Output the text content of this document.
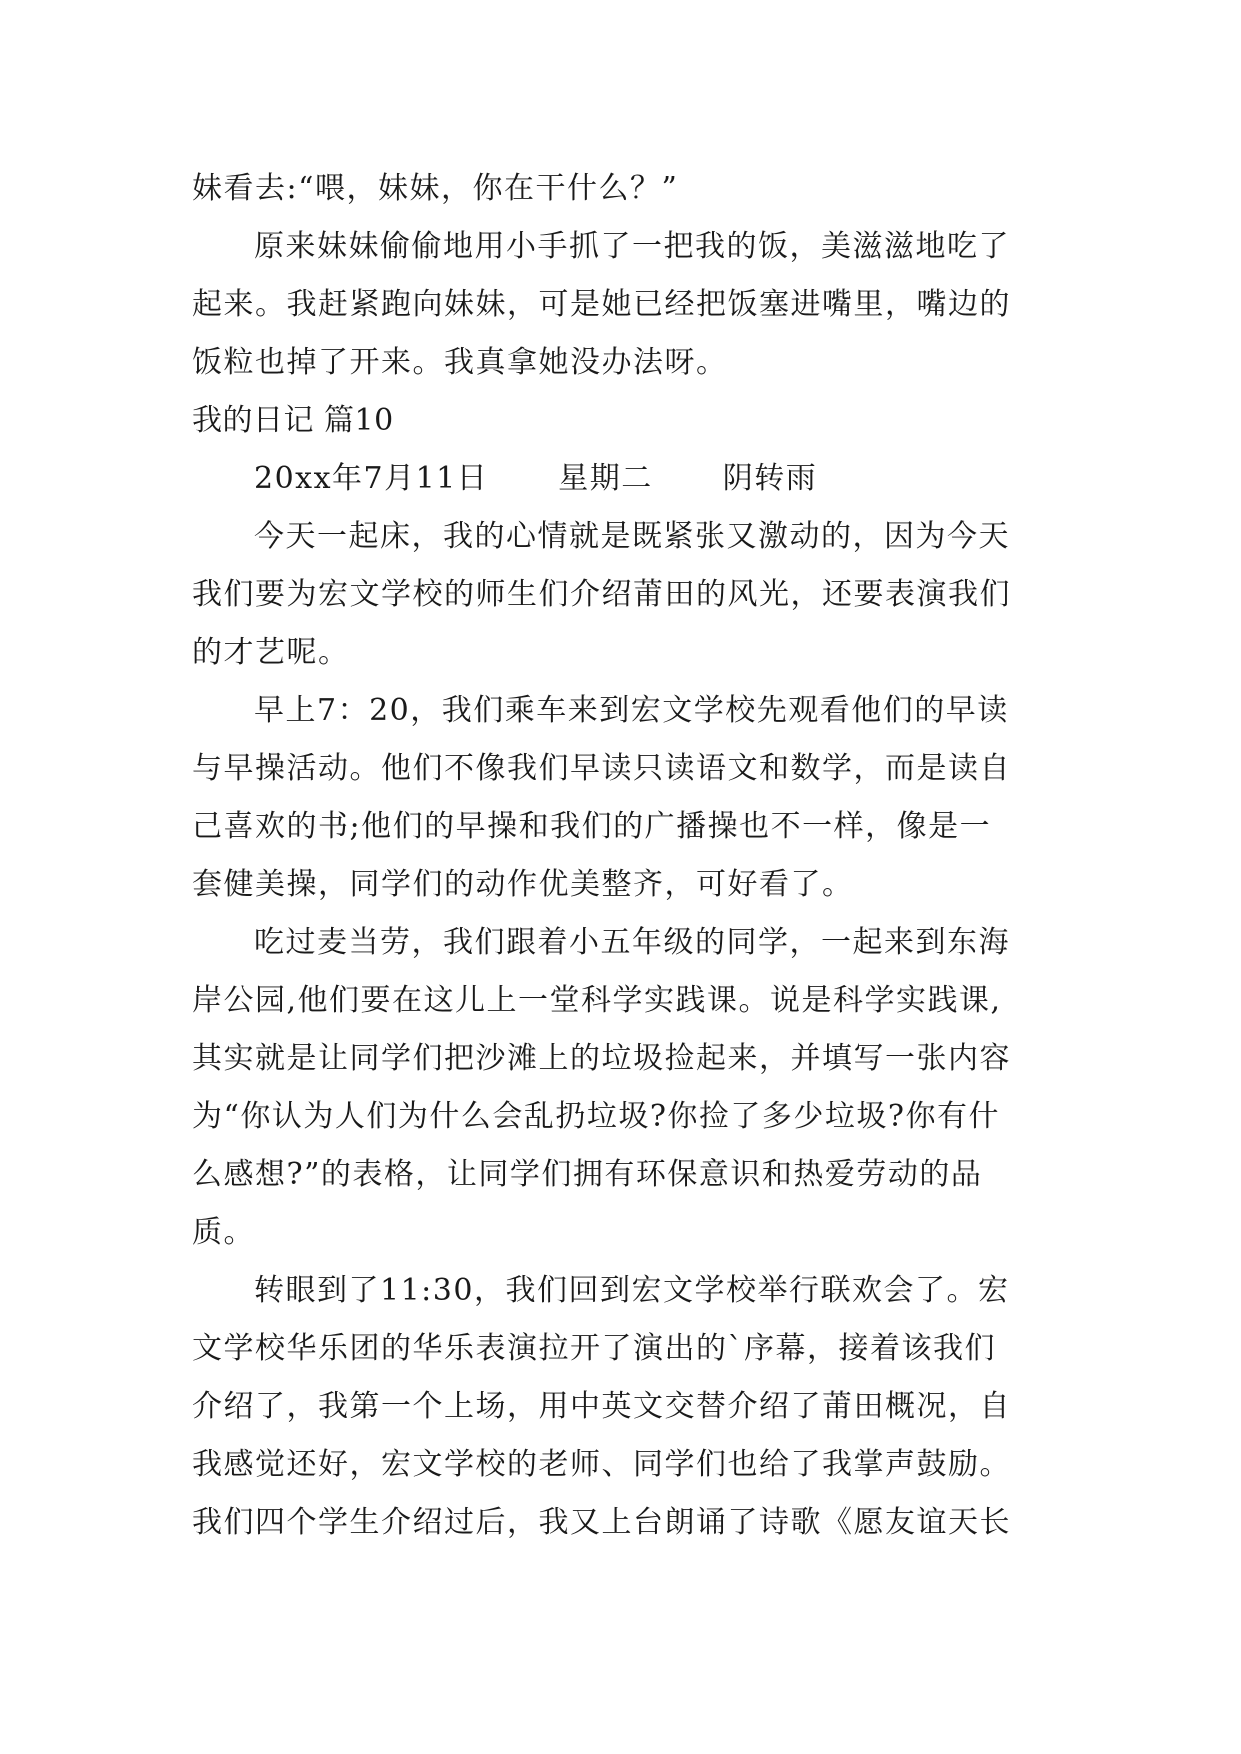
妹看去:“喂，妹妹，你在干什么？”
原来妹妹偷偷地用小手抓了一把我的饭，美滋滋地吃了
起来。我赶紧跑向妹妹，可是她已经把饭塞进嘴里，嘴边的
饭粒也掉了开来。我真拿她没办法呀。
我的日记 篇10
20xx年7月11日 星期二 阴转雨
今天一起床，我的心情就是既紧张又激动的，因为今天
我们要为宏文学校的师生们介绍莆田的风光，还要表演我们
的才艺呢。
早上7：20，我们乘车来到宏文学校先观看他们的早读
与早操活动。他们不像我们早读只读语文和数学，而是读自
己喜欢的书;他们的早操和我们的广播操也不一样，像是一
套健美操，同学们的动作优美整齐，可好看了。
吃过麦当劳，我们跟着小五年级的同学，一起来到东海
岸公园,他们要在这儿上一堂科学实践课。说是科学实践课,
其实就是让同学们把沙滩上的垃圾捡起来，并填写一张内容
为“你认为人们为什么会乱扔垃圾?你捡了多少垃圾?你有什
么感想?”的表格，让同学们拥有环保意识和热爱劳动的品
质。
转眼到了11:30，我们回到宏文学校举行联欢会了。宏
文学校华乐团的华乐表演拉开了演出的`序幕，接着该我们
介绍了，我第一个上场，用中英文交替介绍了莆田概况，自
我感觉还好，宏文学校的老师、同学们也给了我掌声鼓励。
我们四个学生介绍过后，我又上台朗诵了诗歌《愿友谊天长
